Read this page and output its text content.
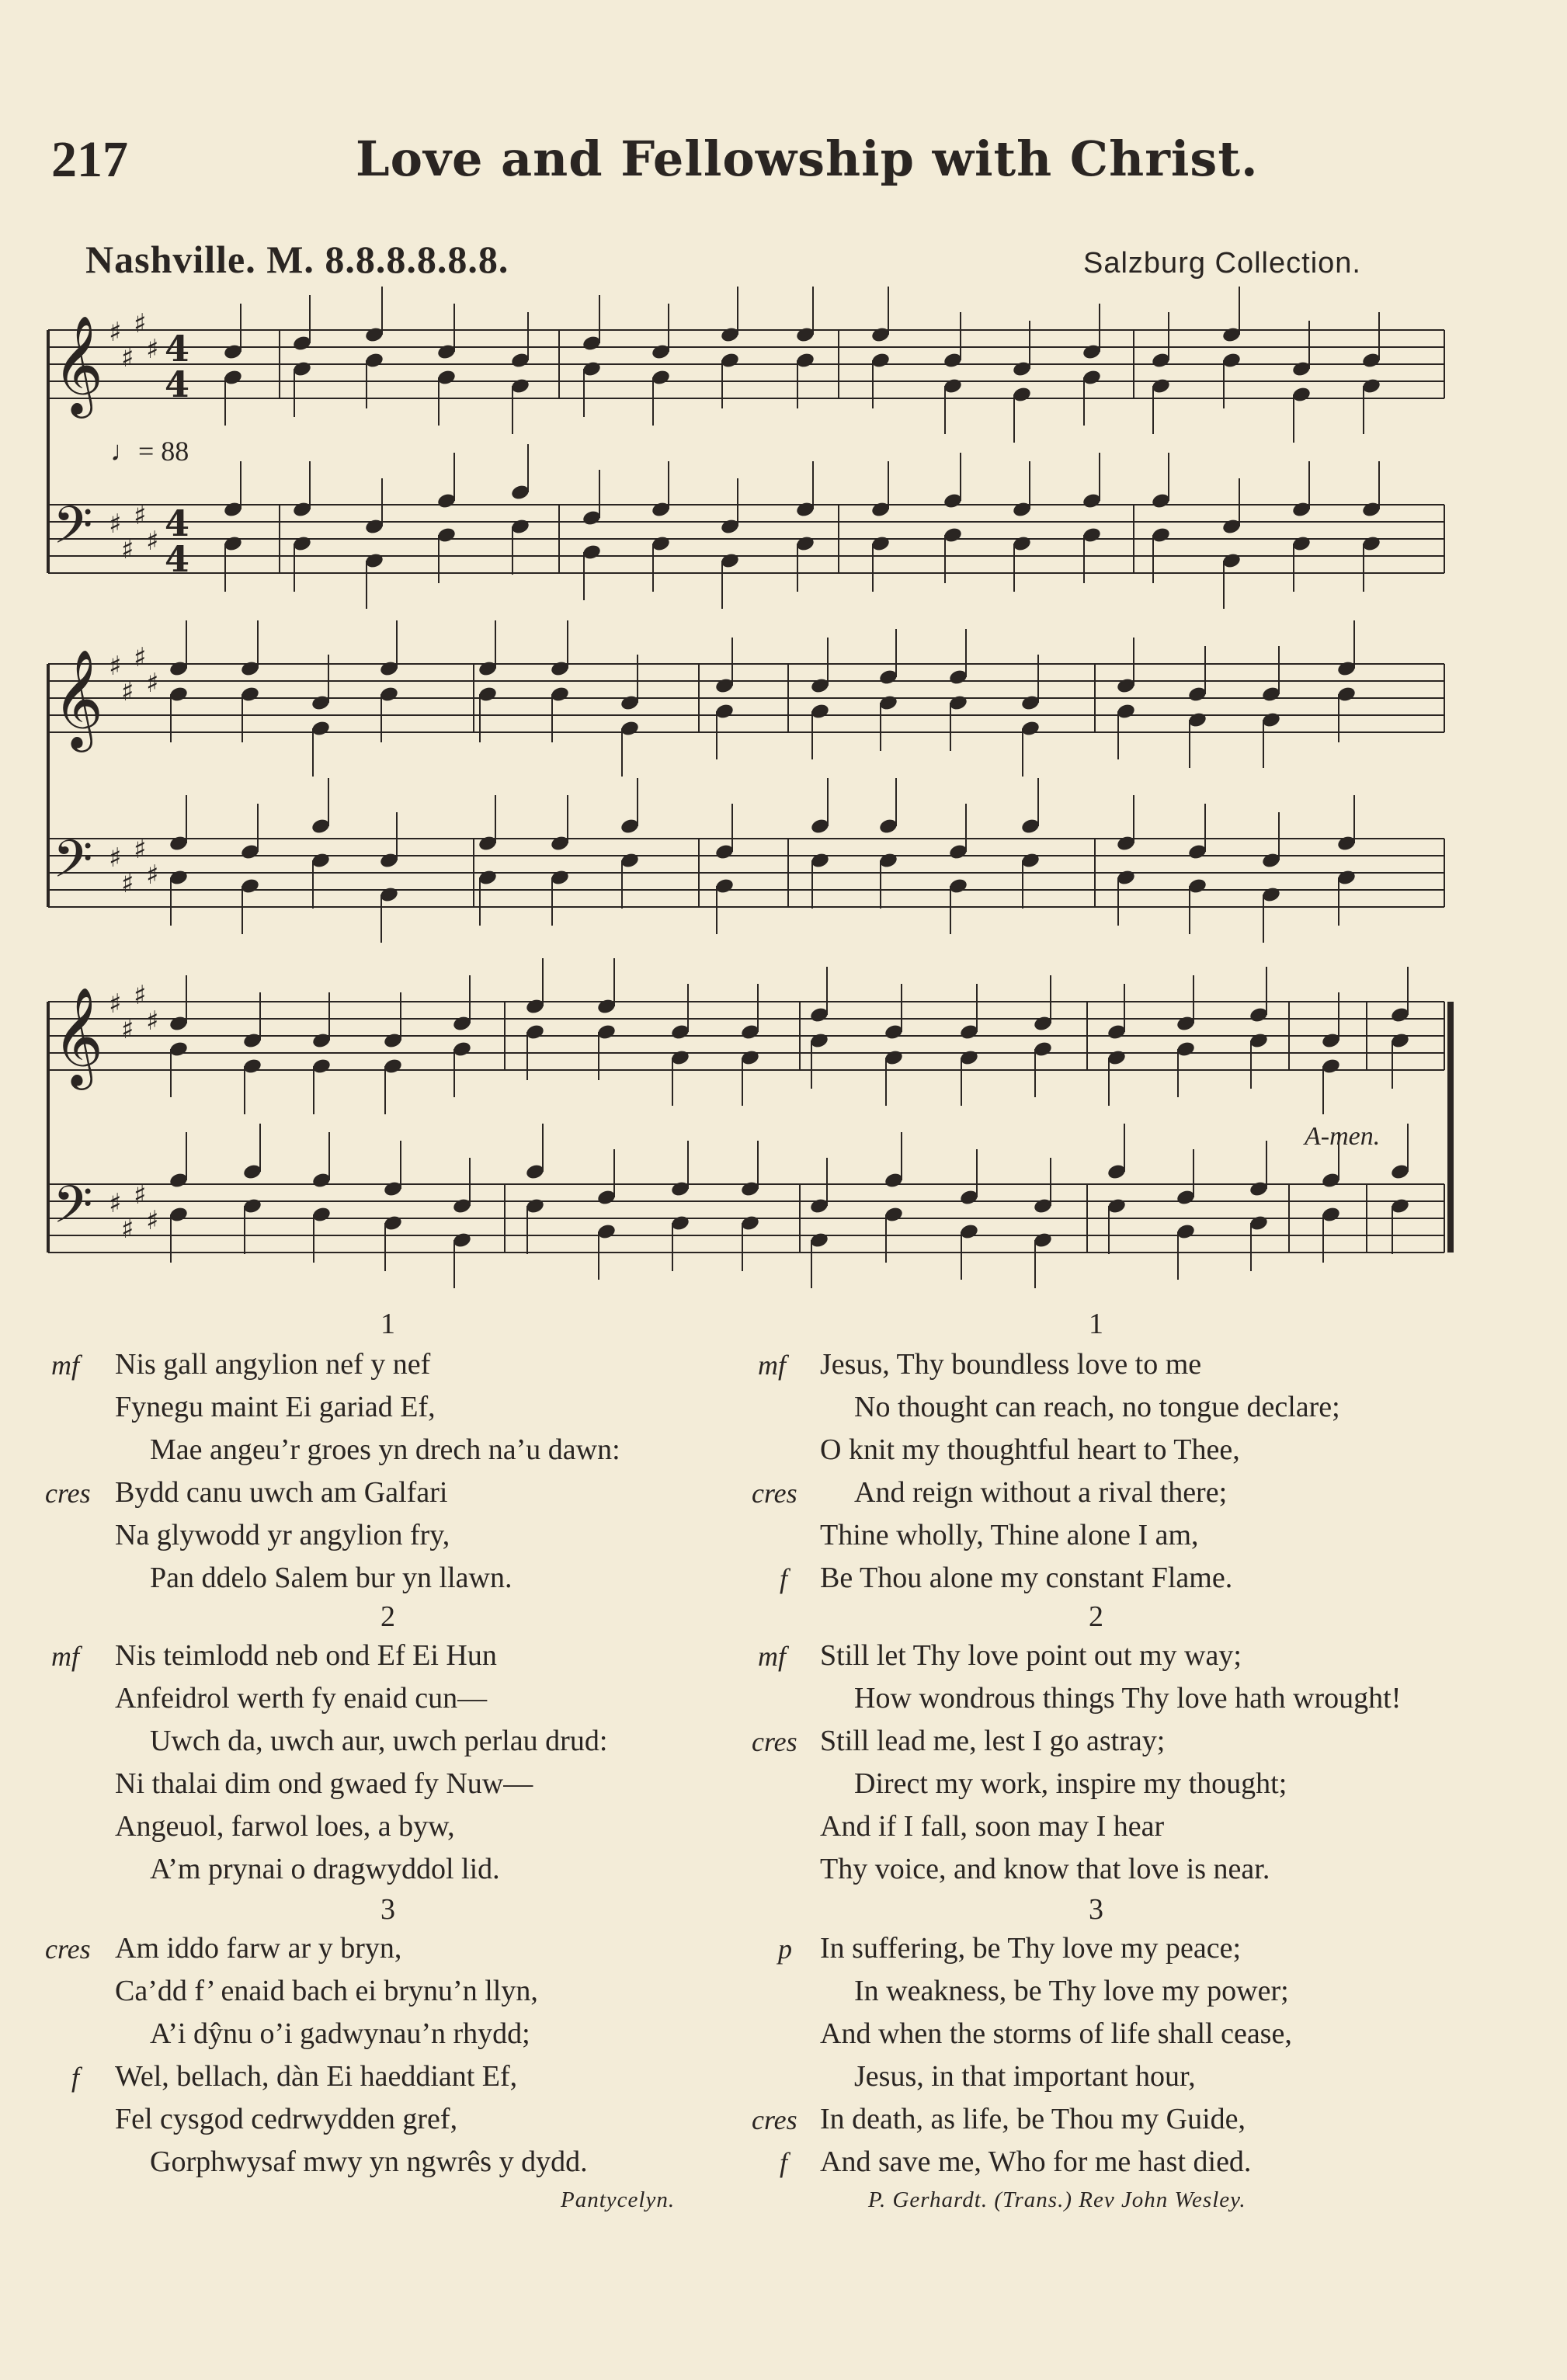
217	Love and Fellowship with Christ.
Nashville. M. 8.8.8.8.8.8.	Salzburg Collection.
𝄞 ♯
♯
♯
♯ 4
4
𝄢 ♯
♯
♯
♯ 4
4
𝄞 ♯
♯
♯
♯
𝄢 ♯
♯
♯
♯
𝄞 ♯
♯
♯
♯
𝄢 ♯
♯
♯
♯
♩= 88
A-men.
Pantycelyn.	P. Gerhardt. (Trans.) Rev John Wesley.
1
Nis gall angylion nef y nef
mf
Fynegu maint Ei gariad Ef,
Mae angeu’r groes yn drech na’u dawn:
Bydd canu uwch am Galfari
cres
Na glywodd yr angylion fry,
Pan ddelo Salem bur yn llawn.
2
Nis teimlodd neb ond Ef Ei Hun
mf
Anfeidrol werth fy enaid cun—
Uwch da, uwch aur, uwch perlau drud:
Ni thalai dim ond gwaed fy Nuw—
Angeuol, farwol loes, a byw,
A’m prynai o dragwyddol lid.
3
Am iddo farw ar y bryn,
cres
Ca’dd f’ enaid bach ei brynu’n llyn,
A’i dŷnu o’i gadwynau’n rhydd;
Wel, bellach, dàn Ei haeddiant Ef,
f
Fel cysgod cedrwydden gref,
Gorphwysaf mwy yn ngwrês y dydd.
1
Jesus, Thy boundless love to me
mf
No thought can reach, no tongue declare;
O knit my thoughtful heart to Thee,
And reign without a rival there;
cres
Thine wholly, Thine alone I am,
Be Thou alone my constant Flame.
f
2
Still let Thy love point out my way;
mf
How wondrous things Thy love hath wrought!
Still lead me, lest I go astray;
cres
Direct my work, inspire my thought;
And if I fall, soon may I hear
Thy voice, and know that love is near.
3
In suffering, be Thy love my peace;
p
In weakness, be Thy love my power;
And when the storms of life shall cease,
Jesus, in that important hour,
In death, as life, be Thou my Guide,
cres
And save me, Who for me hast died.
f
